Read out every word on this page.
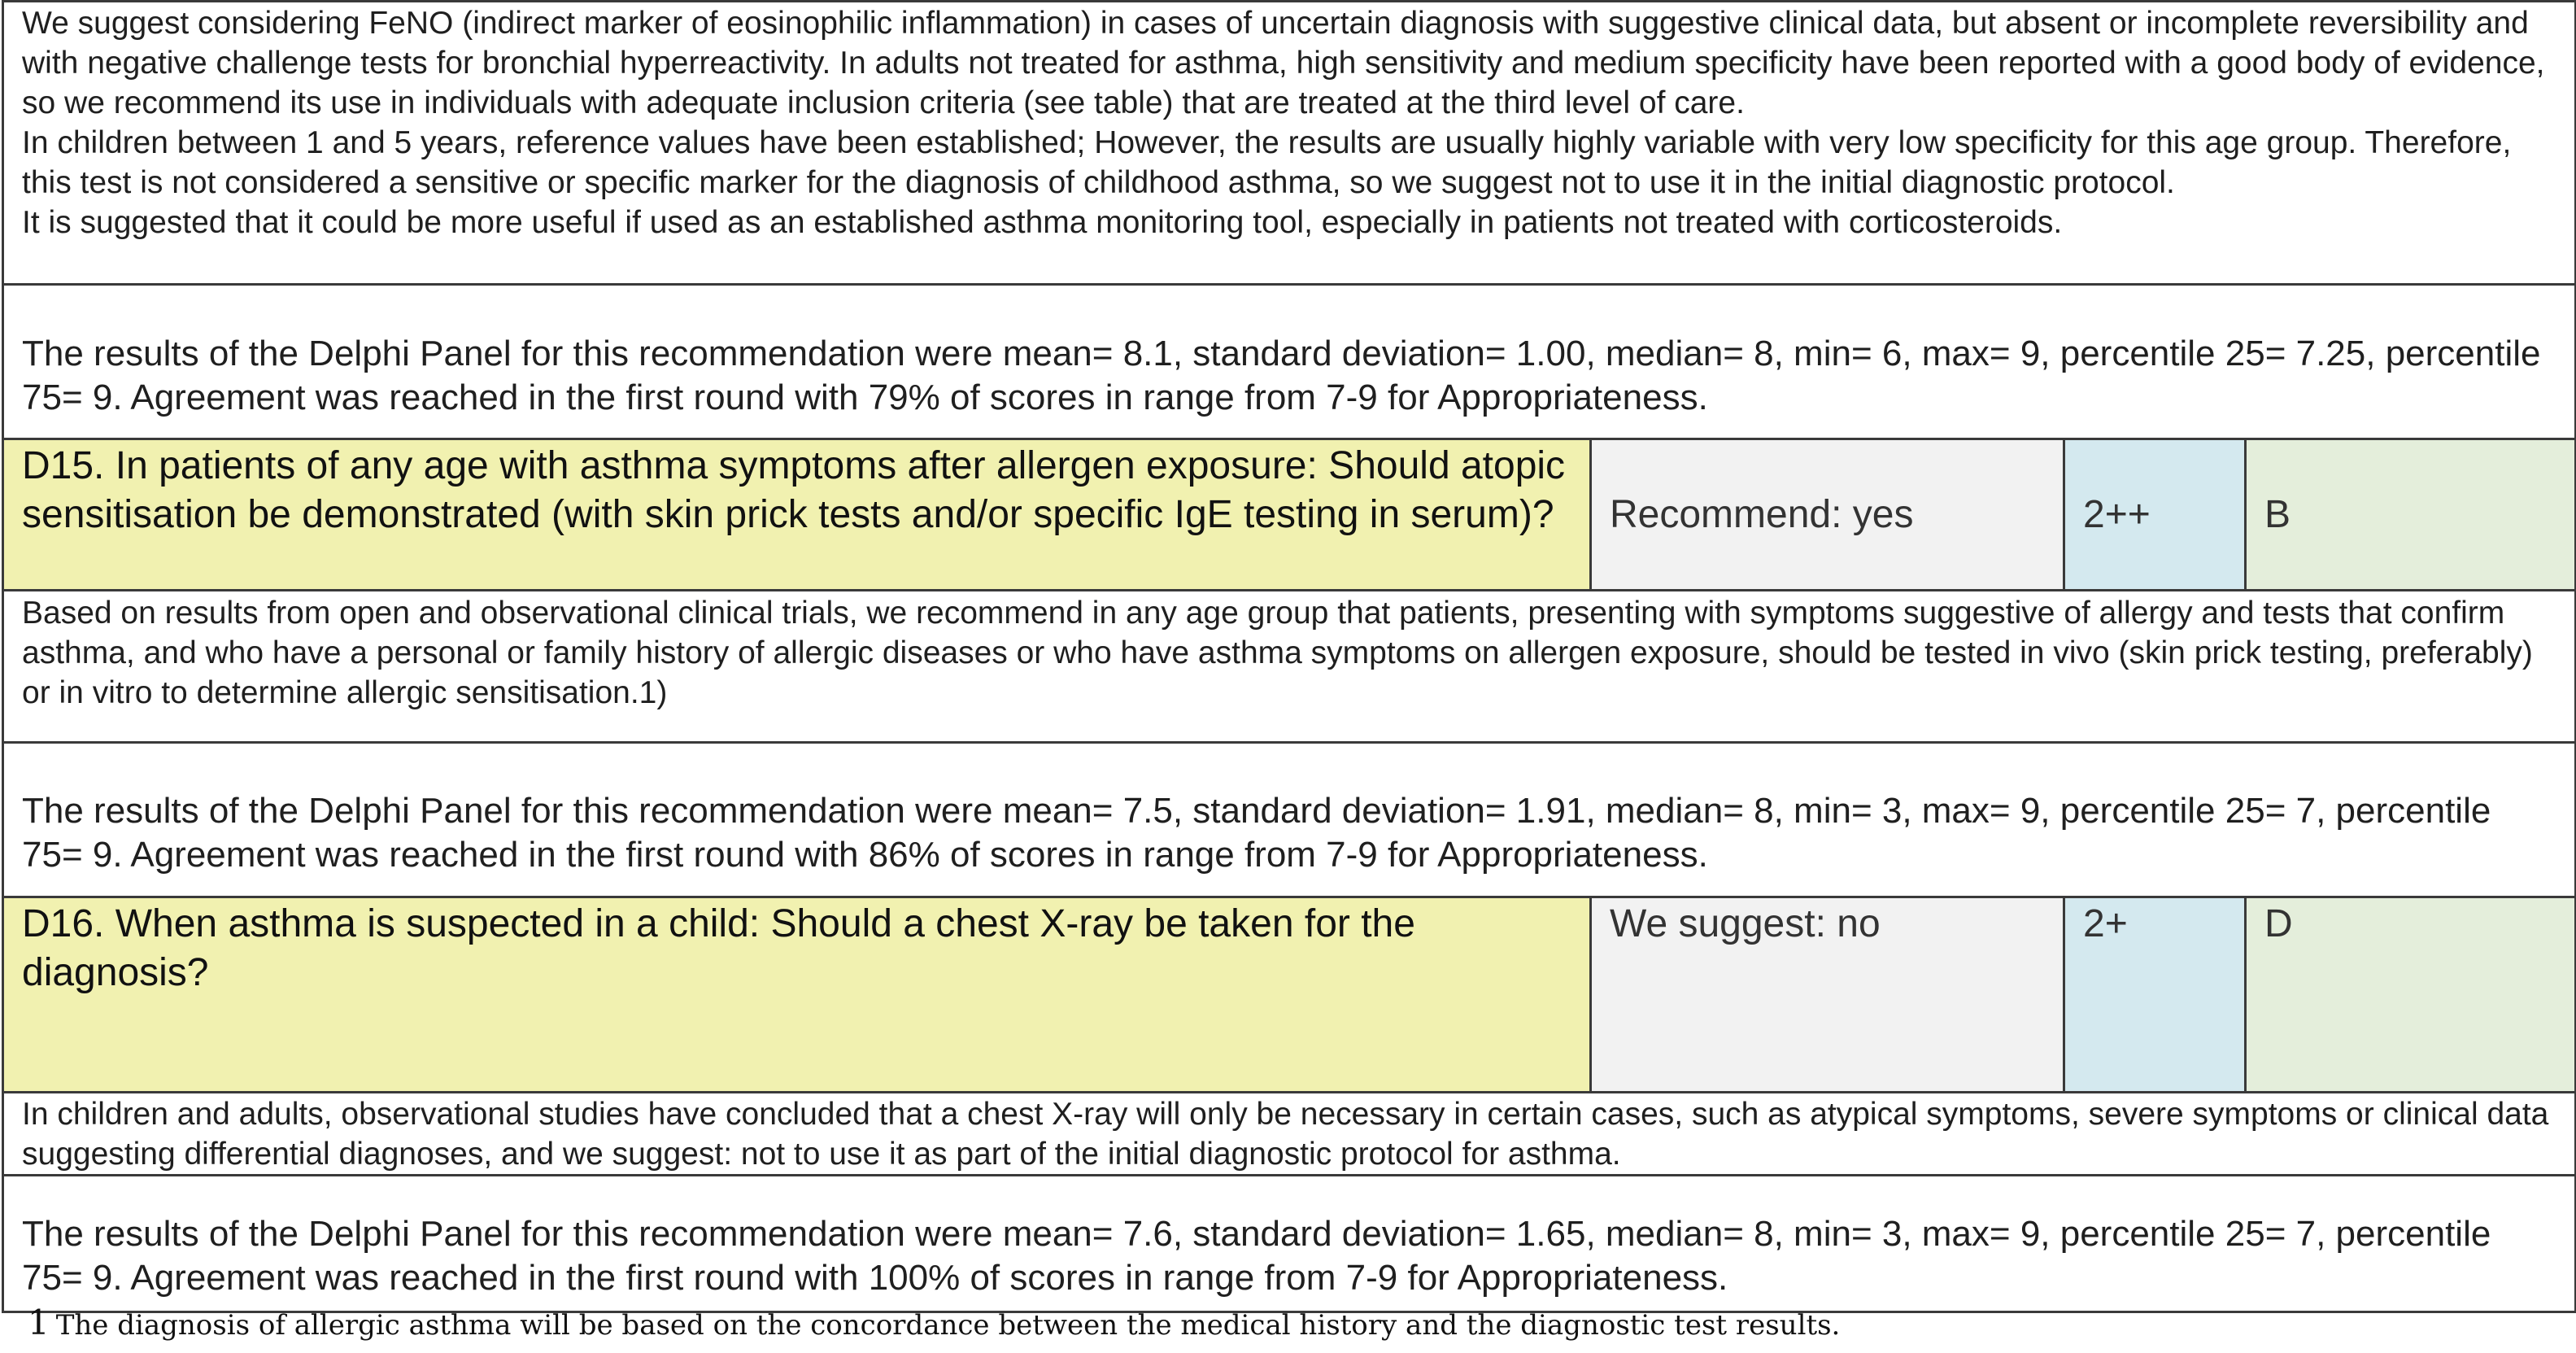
We suggest considering FeNO (indirect marker of eosinophilic inflammation) in cases of uncertain diagnosis with suggestive clinical data, but absent or incomplete reversibility and with negative challenge tests for bronchial hyperreactivity. In adults not treated for asthma, high sensitivity and medium specificity have been reported with a good body of evidence, so we recommend its use in individuals with adequate inclusion criteria (see table) that are treated at the third level of care.

In children between 1 and 5 years, reference values have been established; However, the results are usually highly variable with very low specificity for this age group. Therefore, this test is not considered a sensitive or specific marker for the diagnosis of childhood asthma, so we suggest not to use it in the initial diagnostic protocol.

It is suggested that it could be more useful if used as an established asthma monitoring tool, especially in patients not treated with corticosteroids.			

The results of the Delphi Panel for this recommendation were mean= 8.1, standard deviation= 1.00, median= 8, min= 6, max= 9, percentile 25= 7.25, percentile 75= 9. Agreement was reached in the first round with 79% of scores in range from 7-9 for Appropriateness.			

D15. In patients of any age with asthma symptoms after allergen exposure: Should atopic sensitisation be demonstrated (with skin prick tests and/or specific IgE testing in serum)?	Recommend: yes	2++	B

Based on results from open and observational clinical trials, we recommend in any age group that patients, presenting with symptoms suggestive of allergy and tests that confirm asthma, and who have a personal or family history of allergic diseases or who have asthma symptoms on allergen exposure, should be tested in vivo (skin prick testing, preferably) or in vitro to determine allergic sensitisation.1)			

The results of the Delphi Panel for this recommendation were mean= 7.5, standard deviation= 1.91, median= 8, min= 3, max= 9, percentile 25= 7, percentile 75= 9. Agreement was reached in the first round with 86% of scores in range from 7-9 for Appropriateness.			

D16. When asthma is suspected in a child: Should a chest X-ray be taken for the diagnosis?	We suggest: no	2+	D

In children and adults, observational studies have concluded that a chest X-ray will only be necessary in certain cases, such as atypical symptoms, severe symptoms or clinical data suggesting differential diagnoses, and we suggest: not to use it as part of the initial diagnostic protocol for asthma.			

The results of the Delphi Panel for this recommendation were mean= 7.6, standard deviation= 1.65, median= 8, min= 3, max= 9, percentile 25= 7, percentile 75= 9. Agreement was reached in the first round with 100% of scores in range from 7-9 for Appropriateness.			
1 The diagnosis of allergic asthma will be based on the concordance between the medical history and the diagnostic test results.
